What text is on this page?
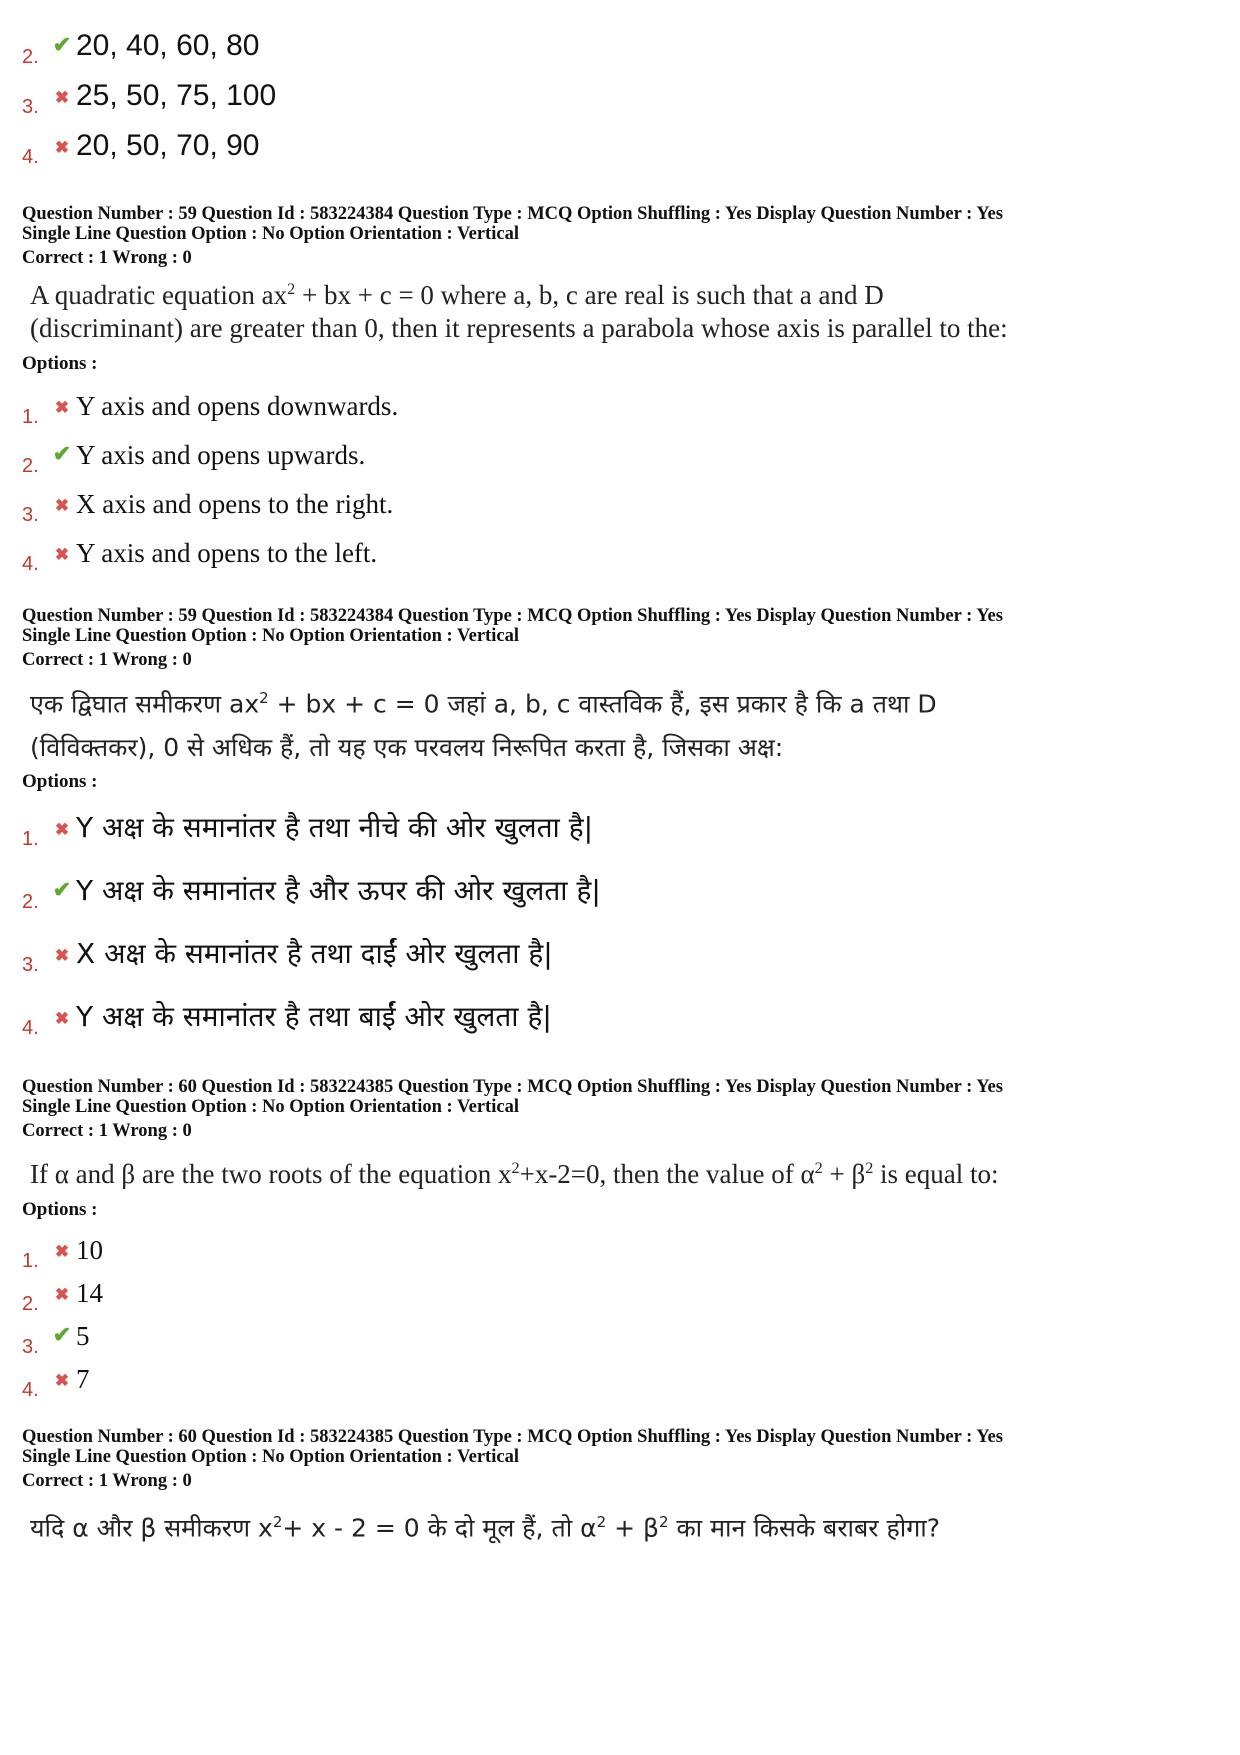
2. ✔ 20, 40, 60, 80
3. ✖ 25, 50, 75, 100
4. ✖ 20, 50, 70, 90
Question Number : 59 Question Id : 583224384 Question Type : MCQ Option Shuffling : Yes Display Question Number : Yes
Single Line Question Option : No Option Orientation : Vertical
Correct : 1 Wrong : 0
A quadratic equation $ax^2$ + bx + c = 0 where a, b, c are real is such that a and D
(discriminant) are greater than 0, then it represents a parabola whose axis is parallel to the:
Options :
1. ✖ Y axis and opens downwards.
2. ✔ Y axis and opens upwards.
3. ✖ X axis and opens to the right.
4. ✖ Y axis and opens to the left.
Question Number : 59 Question Id : 583224384 Question Type : MCQ Option Shuffling : Yes Display Question Number : Yes
Single Line Question Option : No Option Orientation : Vertical
Correct : 1 Wrong : 0
एक द्विघात समीकरण $ax^2$ + bx + c = 0 जहां a, b, c वास्तविक हैं, इस प्रकार है कि a तथा D
(विविक्तकर), 0 से अधिक हैं, तो यह एक परवलय निरूपित करता है, जिसका अक्ष:
Options :
1. ✖ Y अक्ष के समानांतर है तथा नीचे की ओर खुलता है|
2. ✔ Y अक्ष के समानांतर है और ऊपर की ओर खुलता है|
3. ✖ X अक्ष के समानांतर है तथा दाईं ओर खुलता है|
4. ✖ Y अक्ष के समानांतर है तथा बाईं ओर खुलता है|
Question Number : 60 Question Id : 583224385 Question Type : MCQ Option Shuffling : Yes Display Question Number : Yes
Single Line Question Option : No Option Orientation : Vertical
Correct : 1 Wrong : 0
If α and β are the two roots of the equation $x^2+x-2=0$, then the value of $\alpha^2 + \beta^2$ is equal to:
Options :
1. ✖ 10
2. ✖ 14
3. ✔ 5
4. ✖ 7
Question Number : 60 Question Id : 583224385 Question Type : MCQ Option Shuffling : Yes Display Question Number : Yes
Single Line Question Option : No Option Orientation : Vertical
Correct : 1 Wrong : 0
यदि α और β समीकरण $x^2+ x - 2 = 0$ के दो मूल हैं, तो $\alpha^2 + \beta^2$ का मान किसके बराबर होगा?
